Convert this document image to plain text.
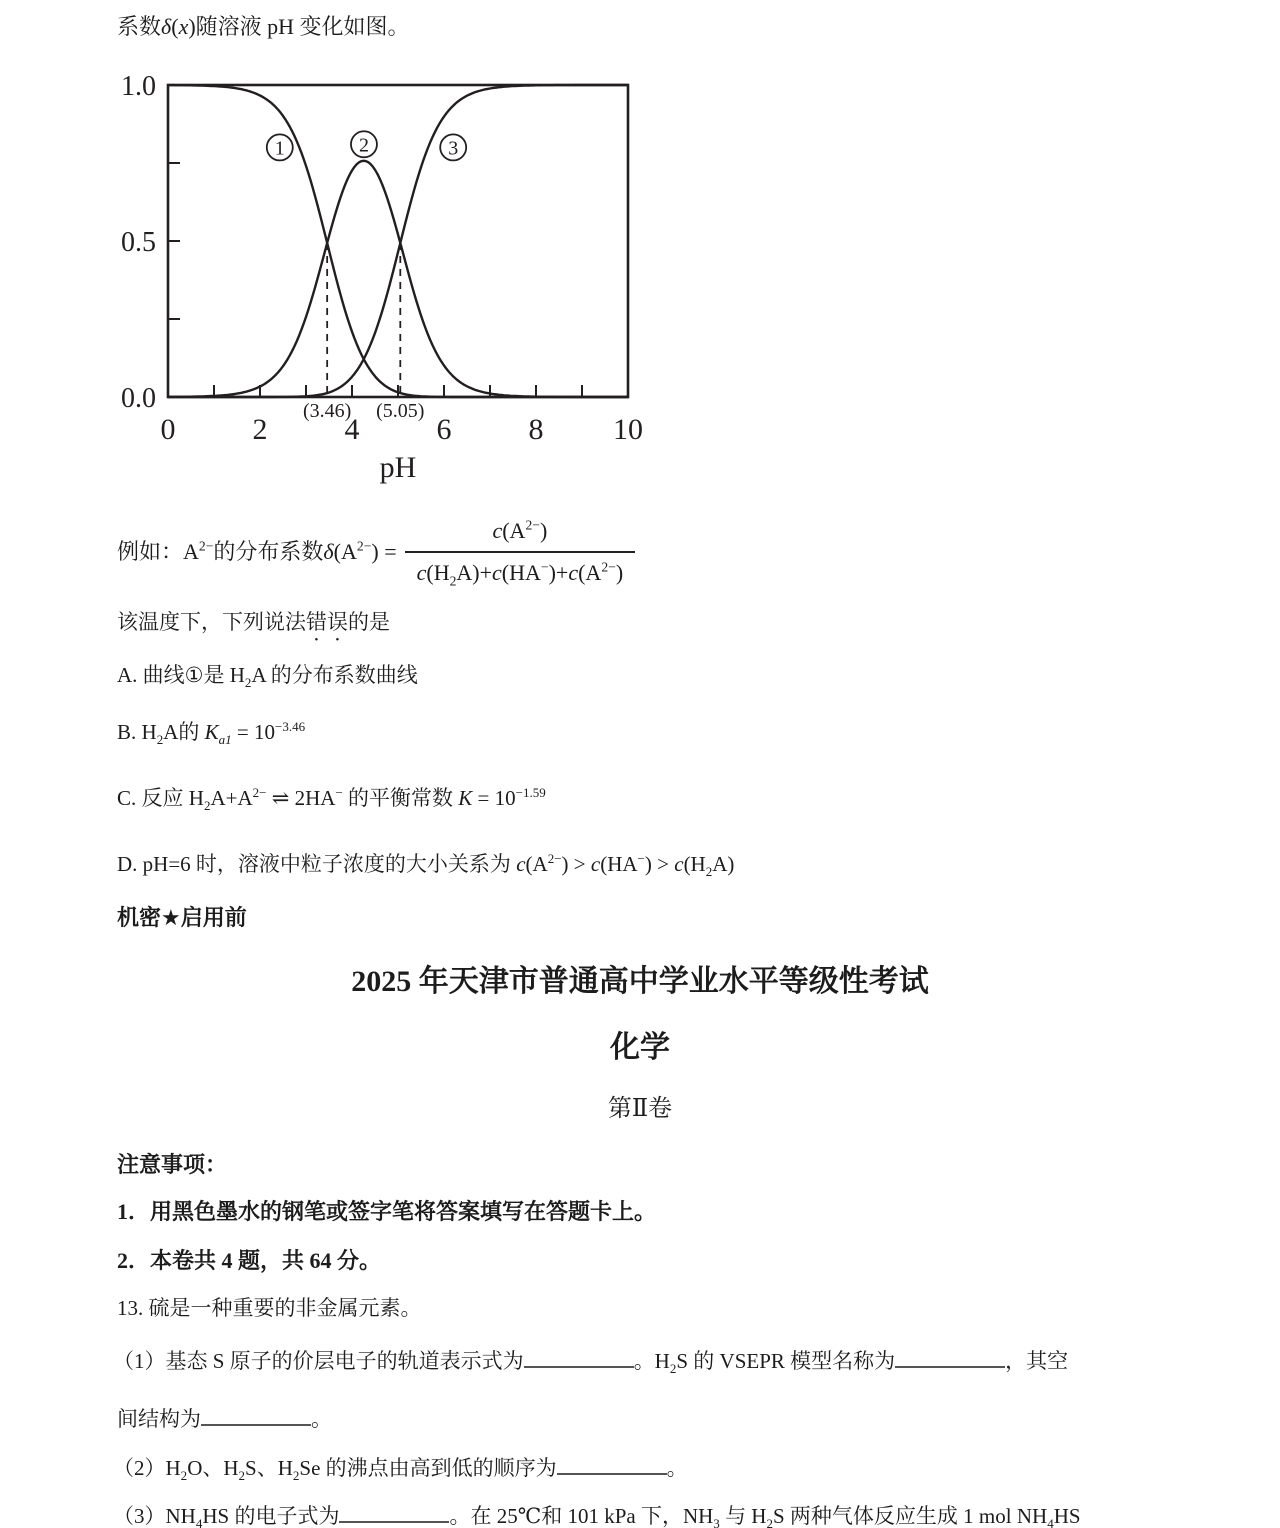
系数δ(x)随溶液 pH 变化如图。
0	2	4	6	8 10
0.0
0.5
1.0
(3.46) (5.05)
pH
1	2	3
例如：$A^{2-}$的分布系数$\delta(A^{2-}) = \frac{c(A^{2-})}{c(H_2A)+c(HA^-)+c(A^{2-})}$
该温度下，下列说法错误的是
A. 曲线①是 $H_2A$ 的分布系数曲线
B. $H_2A$的 $K_{a1} = 10^{-3.46}$
C. 反应 $H_2A+A^{2-}$ ⇌ 2HA− 的平衡常数 $K = 10^{-1.59}$
D. pH=6 时，溶液中粒子浓度的大小关系为 $c(A^{2-}) > c(HA^-) > c(H_2A)$
机密★启用前
2025 年天津市普通高中学业水平等级性考试
化学
第Ⅱ卷
注意事项：
1．用黑色墨水的钢笔或签字笔将答案填写在答题卡上。
2．本卷共 4 题，共 64 分。
13. 硫是一种重要的非金属元素。
（1）基态 S 原子的价层电子的轨道表示式为	。$H_2S$ 的 VSEPR 模型名称为	，其空
间结构为	。
$(2)H_2O$、$H_2S$、$H_2Se$ 的沸点由高到低的顺序为	。
$(3)NH_4HS$ 的电子式为	。在 25℃和 101 kPa 下，$NH_3$ 与 $H_2S$ 两种气体反应生成 1 mol $NH_4HS$
